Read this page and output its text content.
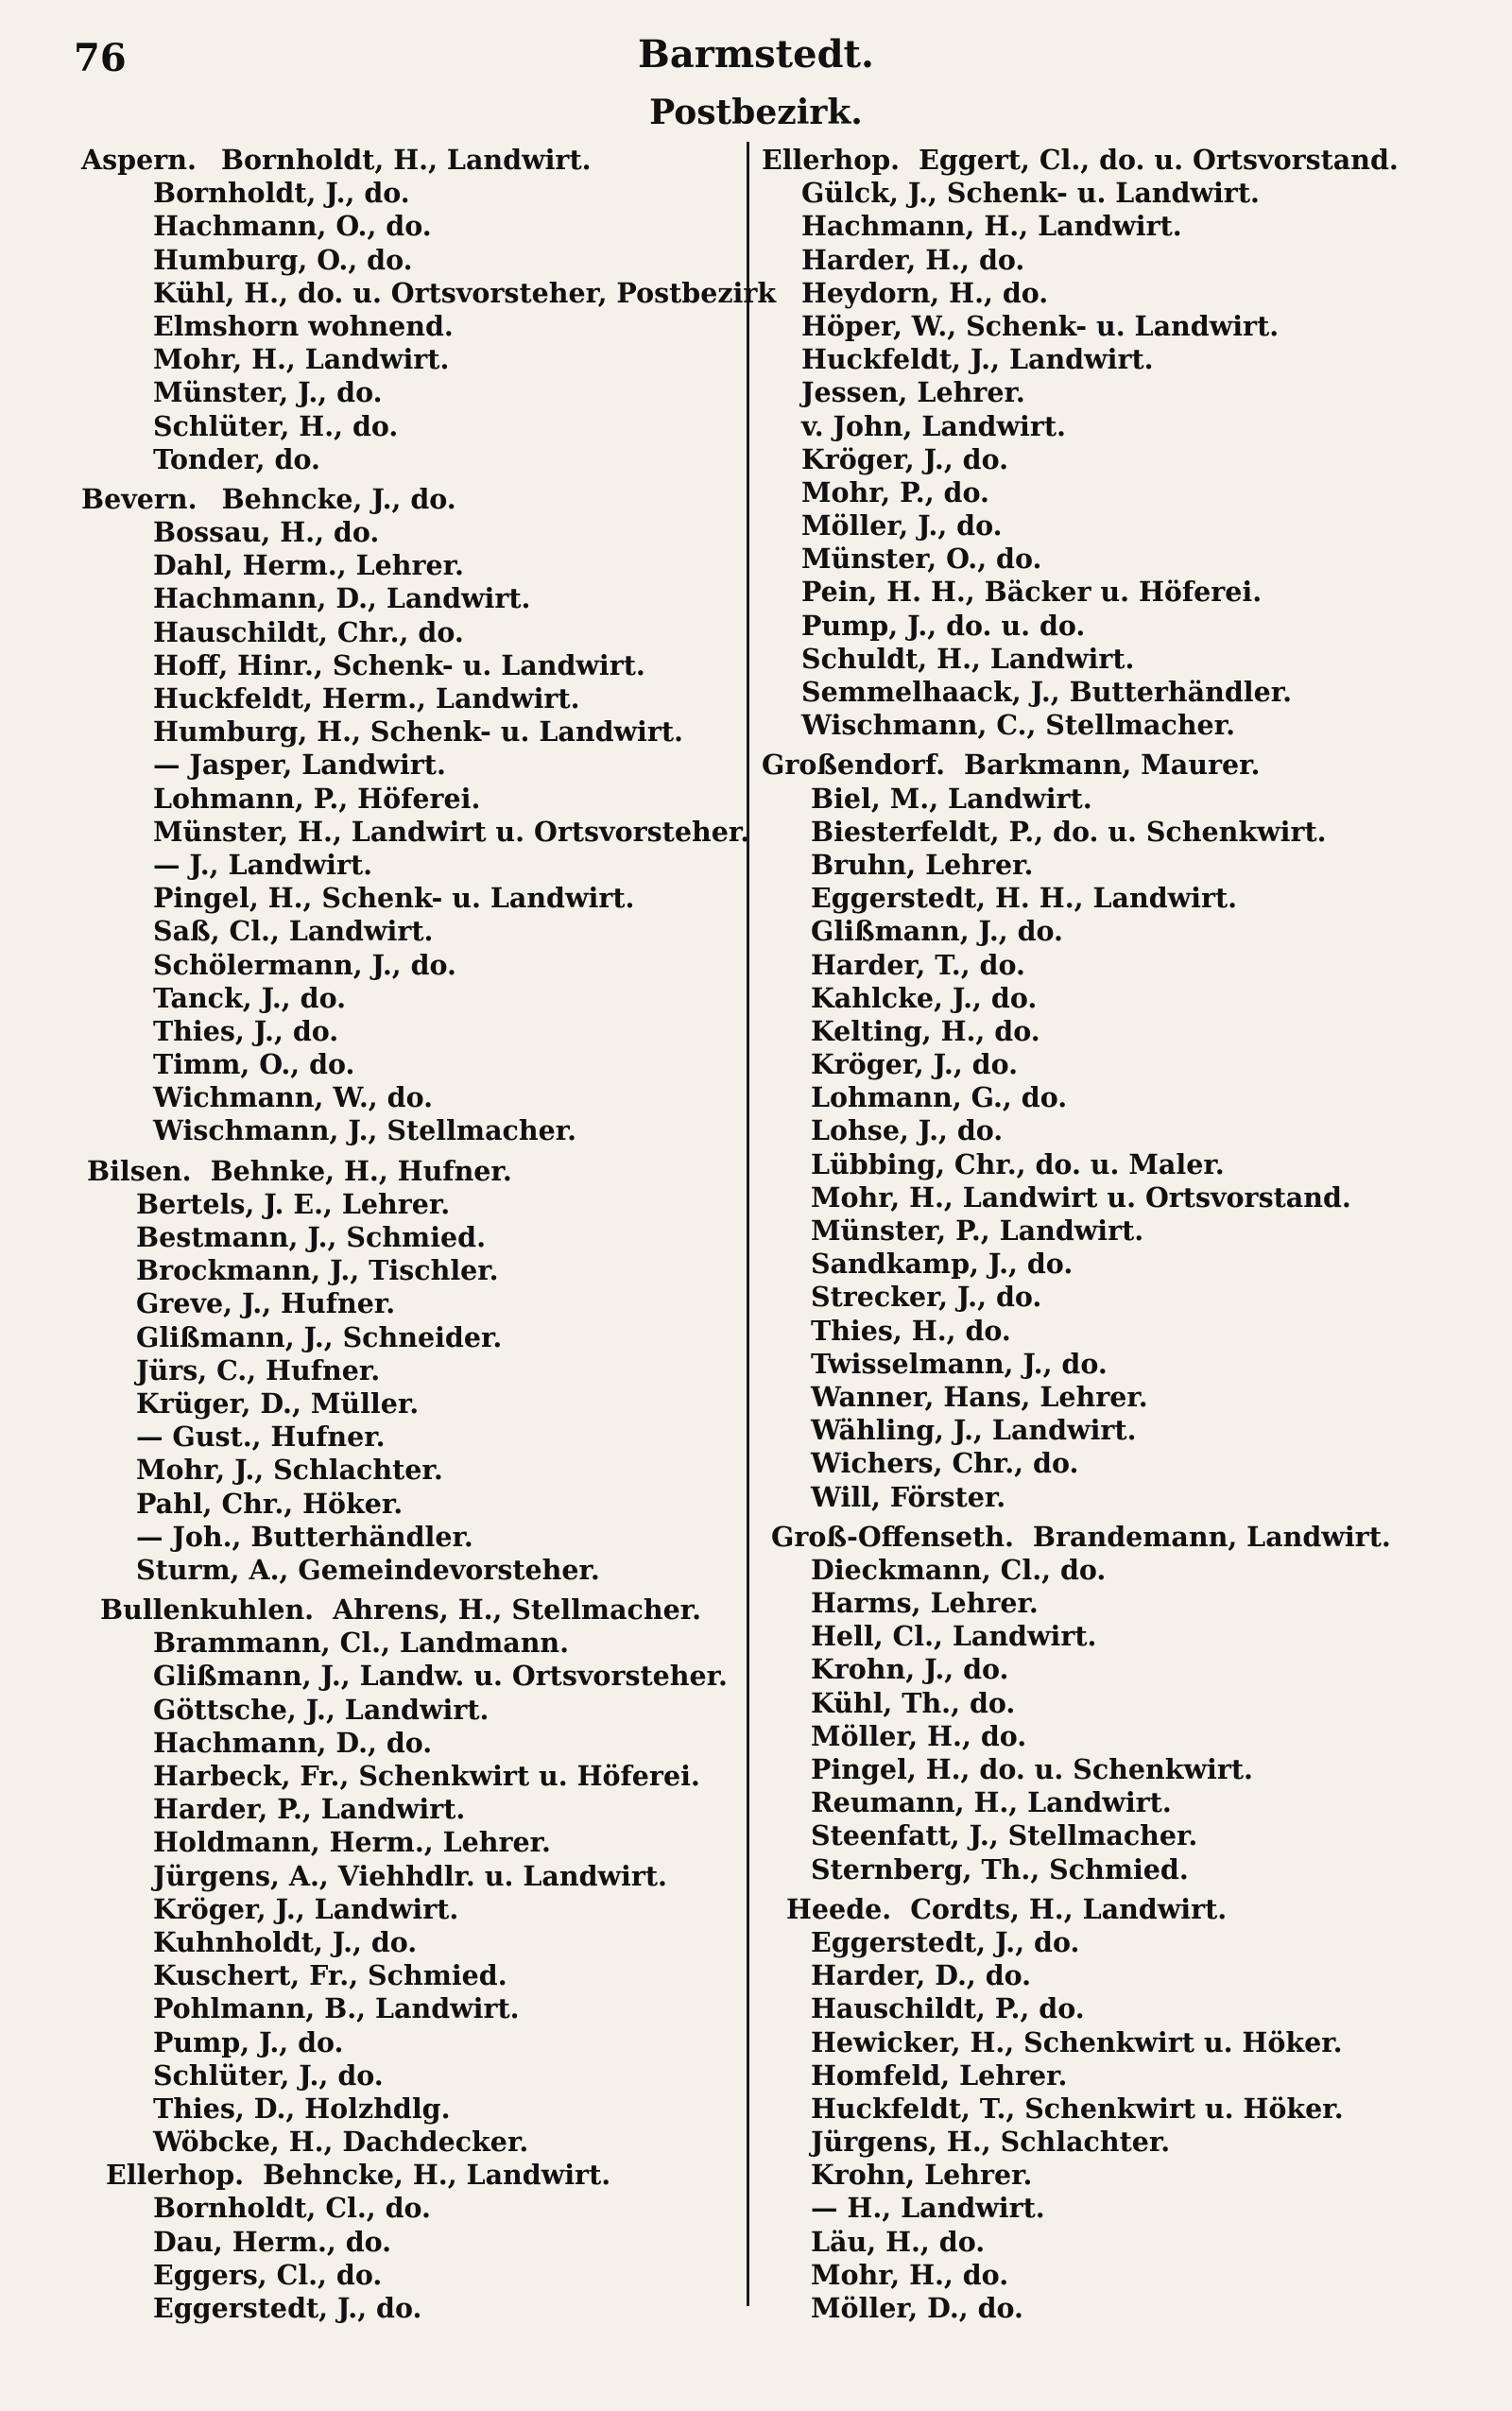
76	Barmstedt.
Postbezirk.
Aspern. Bornholdt, H., Landwirt.
Bornholdt, J., do.
Hachmann, O., do.
Humburg, O., do.
Kühl, H., do. u. Ortsvorsteher, Postbezirk
Elmshorn wohnend.
Mohr, H., Landwirt.
Münster, J., do.
Schlüter, H., do.
Tonder, do.
Bevern. Behncke, J., do.
Bossau, H., do.
Dahl, Herm., Lehrer.
Hachmann, D., Landwirt.
Hauschildt, Chr., do.
Hoff, Hinr., Schenk- u. Landwirt.
Huckfeldt, Herm., Landwirt.
Humburg, H., Schenk- u. Landwirt.
— Jasper, Landwirt.
Lohmann, P., Höferei.
Münster, H., Landwirt u. Ortsvorsteher.
— J., Landwirt.
Pingel, H., Schenk- u. Landwirt.
Saß, Cl., Landwirt.
Schölermann, J., do.
Tanck, J., do.
Thies, J., do.
Timm, O., do.
Wichmann, W., do.
Wischmann, J., Stellmacher.
Bilsen. Behnke, H., Hufner.
Bertels, J. E., Lehrer.
Bestmann, J., Schmied.
Brockmann, J., Tischler.
Greve, J., Hufner.
Glißmann, J., Schneider.
Jürs, C., Hufner.
Krüger, D., Müller.
— Gust., Hufner.
Mohr, J., Schlachter.
Pahl, Chr., Höker.
— Joh., Butterhändler.
Sturm, A., Gemeindevorsteher.
Bullenkuhlen. Ahrens, H., Stellmacher.
Brammann, Cl., Landmann.
Glißmann, J., Landw. u. Ortsvorsteher.
Göttsche, J., Landwirt.
Hachmann, D., do.
Harbeck, Fr., Schenkwirt u. Höferei.
Harder, P., Landwirt.
Holdmann, Herm., Lehrer.
Jürgens, A., Viehhdlr. u. Landwirt.
Kröger, J., Landwirt.
Kuhnholdt, J., do.
Kuschert, Fr., Schmied.
Pohlmann, B., Landwirt.
Pump, J., do.
Schlüter, J., do.
Thies, D., Holzhdlg.
Wöbcke, H., Dachdecker.
Ellerhop. Behncke, H., Landwirt.
Bornholdt, Cl., do.
Dau, Herm., do.
Eggers, Cl., do.
Eggerstedt, J., do.
Ellerhop. Eggert, Cl., do. u. Ortsvorstand.
Gülck, J., Schenk- u. Landwirt.
Hachmann, H., Landwirt.
Harder, H., do.
Heydorn, H., do.
Höper, W., Schenk- u. Landwirt.
Huckfeldt, J., Landwirt.
Jessen, Lehrer.
v. John, Landwirt.
Kröger, J., do.
Mohr, P., do.
Möller, J., do.
Münster, O., do.
Pein, H. H., Bäcker u. Höferei.
Pump, J., do. u. do.
Schuldt, H., Landwirt.
Semmelhaack, J., Butterhändler.
Wischmann, C., Stellmacher.
Großendorf. Barkmann, Maurer.
Biel, M., Landwirt.
Biesterfeldt, P., do. u. Schenkwirt.
Bruhn, Lehrer.
Eggerstedt, H. H., Landwirt.
Glißmann, J., do.
Harder, T., do.
Kahlcke, J., do.
Kelting, H., do.
Kröger, J., do.
Lohmann, G., do.
Lohse, J., do.
Lübbing, Chr., do. u. Maler.
Mohr, H., Landwirt u. Ortsvorstand.
Münster, P., Landwirt.
Sandkamp, J., do.
Strecker, J., do.
Thies, H., do.
Twisselmann, J., do.
Wanner, Hans, Lehrer.
Wähling, J., Landwirt.
Wichers, Chr., do.
Will, Förster.
Groß-Offenseth. Brandemann, Landwirt.
Dieckmann, Cl., do.
Harms, Lehrer.
Hell, Cl., Landwirt.
Krohn, J., do.
Kühl, Th., do.
Möller, H., do.
Pingel, H., do. u. Schenkwirt.
Reumann, H., Landwirt.
Steenfatt, J., Stellmacher.
Sternberg, Th., Schmied.
Heede. Cordts, H., Landwirt.
Eggerstedt, J., do.
Harder, D., do.
Hauschildt, P., do.
Hewicker, H., Schenkwirt u. Höker.
Homfeld, Lehrer.
Huckfeldt, T., Schenkwirt u. Höker.
Jürgens, H., Schlachter.
Krohn, Lehrer.
— H., Landwirt.
Läu, H., do.
Mohr, H., do.
Möller, D., do.
